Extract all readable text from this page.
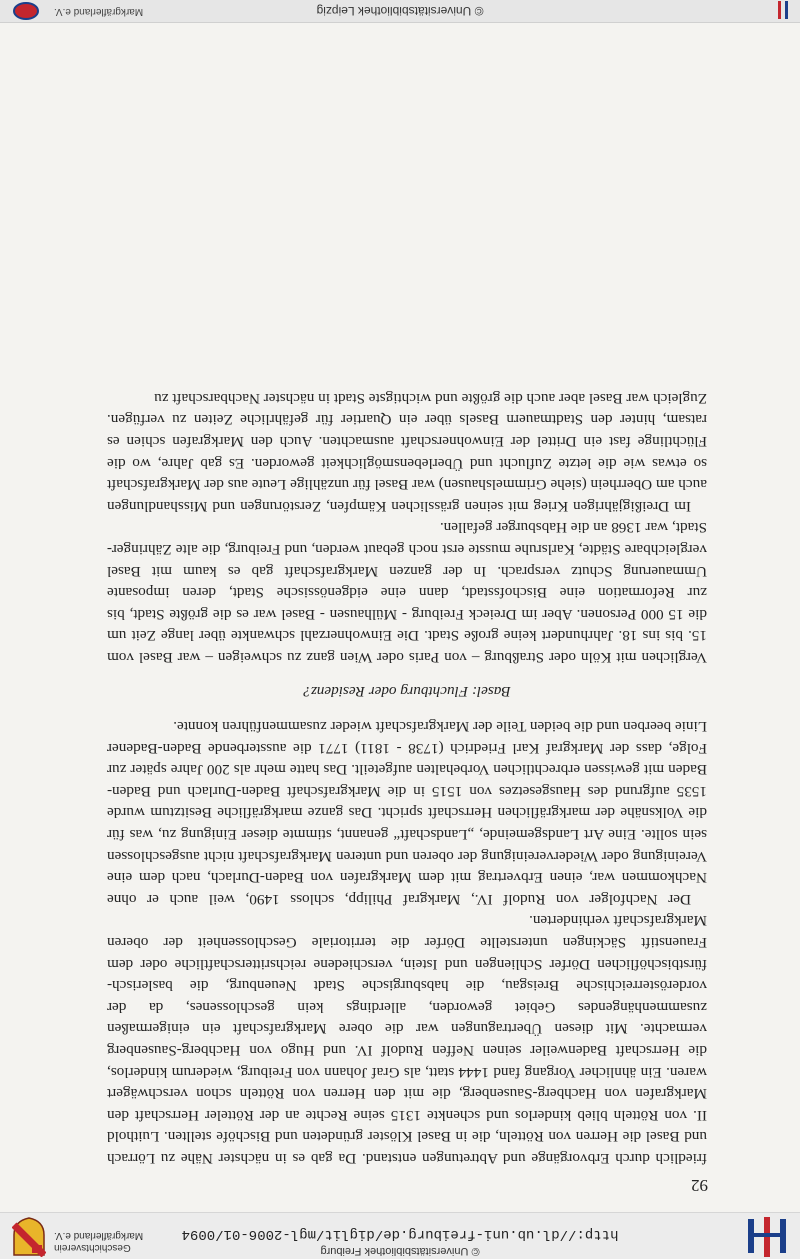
© Universitätsbibliothek Freiburg
http://dl.ub.uni-freiburg.de/diglit/mgl-2006-01/0094
Geschichtsverein
Markgräflerland e.V.
92

friedlich durch Erbvorgänge und Abtretungen entstand. Da gab es in nächster Nähe zu Lörrach und Basel die Herren von Rötteln, die in Basel Klöster gründeten und Bischöfe stellten. Luithold II. von Rötteln blieb kinderlos und schenkte 1315 seine Rechte an der Rötteler Herrschaft den Markgrafen von Hachberg-Sausenberg, die mit den Herren von Rötteln schon verschwägert waren. Ein ähnlicher Vorgang fand 1444 statt, als Graf Johann von Freiburg, wiederum kinderlos, die Herrschaft Badenweiler seinen Neffen Rudolf IV. und Hugo von Hachberg-Sausenberg vermachte. Mit diesen Übertragungen war die obere Markgrafschaft ein einigermaßen zusammenhängendes Gebiet geworden, allerdings kein geschlossenes, da der vorderösterreichische Breisgau, die habsburgische Stadt Neuenburg, die baslerisch-fürstbischöflichen Dörfer Schliengen und Istein, verschiedene reichsritterschaftliche oder dem Frauenstift Säckingen unterstellte Dörfer die territoriale Geschlossenheit der oberen Markgrafschaft verhinderten.

Der Nachfolger von Rudolf IV., Markgraf Philipp, schloss 1490, weil auch er ohne Nachkommen war, einen Erbvertrag mit dem Markgrafen von Baden-Durlach, nach dem eine Vereinigung oder Wiedervereinigung der oberen und unteren Markgrafschaft nicht ausgeschlossen sein sollte. Eine Art Landsgemeinde, „Landschaft“ genannt, stimmte dieser Einigung zu, was für die Volksnähe der markgräflichen Herrschaft spricht. Das ganze markgräfliche Besitztum wurde 1535 aufgrund des Hausgesetzes von 1515 in die Markgrafschaft Baden-Durlach und Baden-Baden mit gewissen erbrechtlichen Vorbehalten aufgeteilt. Das hatte mehr als 200 Jahre später zur Folge, dass der Markgraf Karl Friedrich (1738 - 1811) 1771 die aussterbende Baden-Badener Linie beerben und die beiden Teile der Markgrafschaft wieder zusammenführen konnte.

Basel: Fluchtburg oder Residenz?

Verglichen mit Köln oder Straßburg – von Paris oder Wien ganz zu schweigen – war Basel vom 15. bis ins 18. Jahrhundert keine große Stadt. Die Einwohnerzahl schwankte über lange Zeit um die 15 000 Personen. Aber im Dreieck Freiburg - Mülhausen - Basel war es die größte Stadt, bis zur Reformation eine Bischofsstadt, dann eine eidgenössische Stadt, deren imposante Ummauerung Schutz versprach. In der ganzen Markgrafschaft gab es kaum mit Basel vergleichbare Städte, Karlsruhe musste erst noch gebaut werden, und Freiburg, die alte Zähringer-Stadt, war 1368 an die Habsburger gefallen.

Im Dreißigjährigen Krieg mit seinen grässlichen Kämpfen, Zerstörungen und Misshandlungen auch am Oberrhein (siehe Grimmelshausen) war Basel für unzählige Leute aus der Markgrafschaft so etwas wie die letzte Zuflucht und Überlebensmöglichkeit geworden. Es gab Jahre, wo die Flüchtlinge fast ein Drittel der Einwohnerschaft ausmachten. Auch den Markgrafen schien es ratsam, hinter den Stadtmauern Basels über ein Quartier für gefährliche Zeiten zu verfügen. Zugleich war Basel aber auch die größte und wichtigste Stadt in nächster Nachbarschaft zu

© Universitätsbibliothek Leipzig
Markgräflerland e.V.
